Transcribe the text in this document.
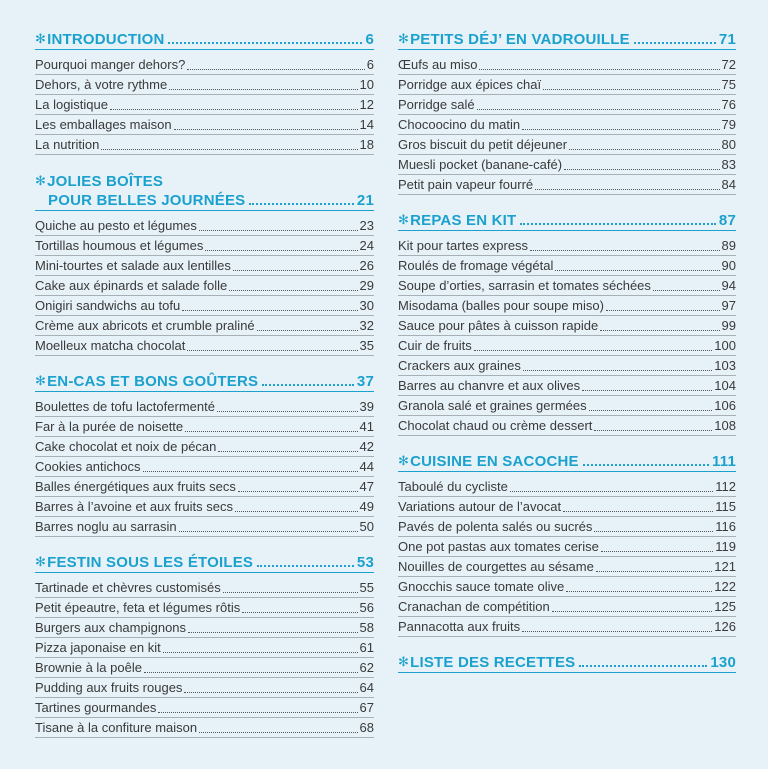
✻
INTRODUCTION	6
Pourquoi manger dehors?	6
Dehors, à votre rythme	10
La logistique	12
Les emballages maison	14
La nutrition	18
✻
JOLIES BOÎTES
POUR BELLES JOURNÉES	21
Quiche au pesto et légumes	23
Tortillas houmous et légumes	24
Mini-tourtes et salade aux lentilles	26
Cake aux épinards et salade folle	29
Onigiri sandwichs au tofu	30
Crème aux abricots et crumble praliné	32
Moelleux matcha chocolat	35
✻
EN-CAS ET BONS GOÛTERS	37
Boulettes de tofu lactofermenté	39
Far à la purée de noisette	41
Cake chocolat et noix de pécan	42
Cookies antichocs	44
Balles énergétiques aux fruits secs	47
Barres à l’avoine et aux fruits secs	49
Barres noglu au sarrasin	50
✻
FESTIN SOUS LES ÉTOILES	53
Tartinade et chèvres customisés	55
Petit épeautre, feta et légumes rôtis	56
Burgers aux champignons	58
Pizza japonaise en kit	61
Brownie à la poêle	62
Pudding aux fruits rouges	64
Tartines gourmandes	67
Tisane à la confiture maison	68
✻
PETITS DÉJ’ EN VADROUILLE	71
Œufs au miso	72
Porridge aux épices chaï	75
Porridge salé	76
Chocoocino du matin	79
Gros biscuit du petit déjeuner	80
Muesli pocket (banane-café)	83
Petit pain vapeur fourré	84
✻
REPAS EN KIT	87
Kit pour tartes express	89
Roulés de fromage végétal	90
Soupe d’orties, sarrasin et tomates séchées	94
Misodama (balles pour soupe miso)	97
Sauce pour pâtes à cuisson rapide	99
Cuir de fruits	100
Crackers aux graines	103
Barres au chanvre et aux olives	104
Granola salé et graines germées	106
Chocolat chaud ou crème dessert	108
✻
CUISINE EN SACOCHE	111
Taboulé du cycliste	112
Variations autour de l’avocat	115
Pavés de polenta salés ou sucrés	116
One pot pastas aux tomates cerise	119
Nouilles de courgettes au sésame	121
Gnocchis sauce tomate olive	122
Cranachan de compétition	125
Pannacotta aux fruits	126
✻
LISTE DES RECETTES	130
